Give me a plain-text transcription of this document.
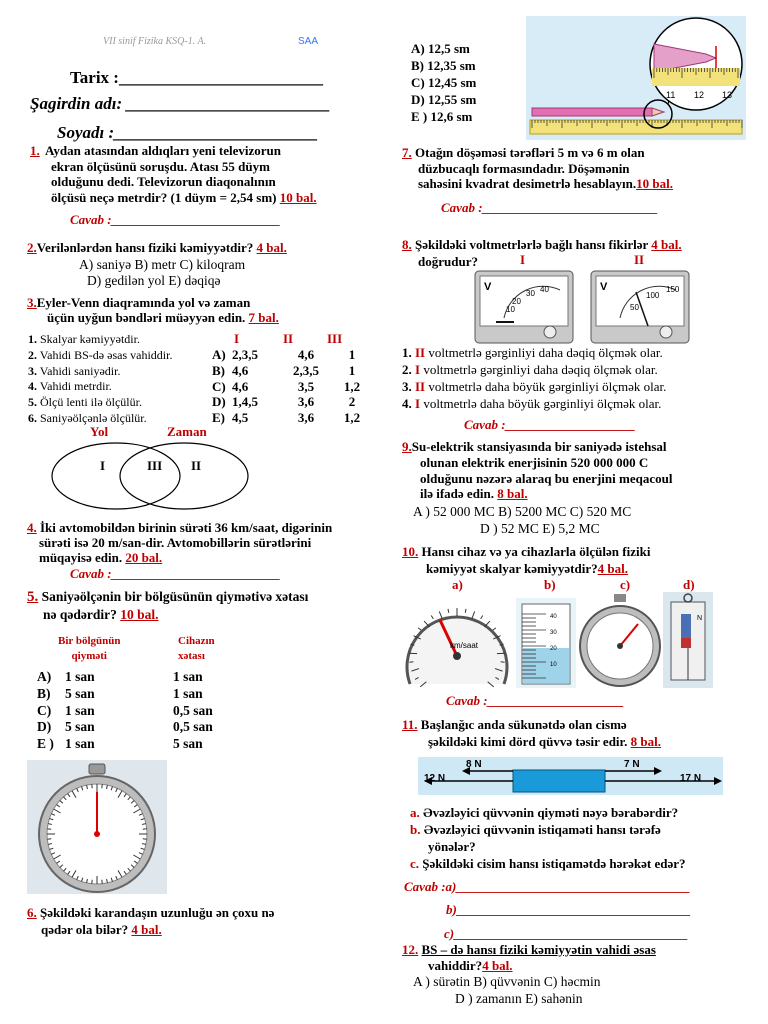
VII sinif Fizika KSQ-1. A.	SAA
Tarix :________________________
Şagirdin adı: ________________________
Soyadı :________________________
1. Aydan atasından aldıqları yeni televizorun
ekran ölçüsünü soruşdu. Atası 55 düym
olduğunu dedi. Televizorun diaqonalının
ölçüsü neçə metrdir? (1 düym = 2,54 sm) 10 bal.
Cavab :__________________________
2.Verilənlərdən hansı fiziki kəmiyyətdir? 4 bal.
A) saniyə B) metr C) kiloqram
D) gedilən yol E) dəqiqə
3.Eyler-Venn diaqramında yol və zaman
üçün uyğun bəndləri müəyyən edin. 7 bal.
1. Skalyar kəmiyyətdir.
2. Vahidi BS-də əsas vahiddir.
3. Vahidi saniyədir.
4. Vahidi metrdir.
5. Ölçü lenti ilə ölçülür.
6. Saniyəölçənlə ölçülür.
I	II	III
A) 2,3,5	4,6	1
B) 4,6	2,3,5	1
C) 4,6	3,5	1,2
D) 1,4,5	3,6	2
E) 4,5	3,6	1,2
Yol	Zaman
I	III II
4. İki avtomobildən birinin sürəti 36 km/saat, digərinin
sürəti isə 20 m/san-dir. Avtomobillərin sürətlərini
müqayisə edin. 20 bal.
Cavab :__________________________
5. Saniyəölçənin bir bölgüsünün qiymətivə xətası
nə qədərdir? 10 bal.
Bir bölgünün
qiyməti
Cihazın
xətası
A)	1 san	1 san
B)	5 san	1 san
C)	1 san	0,5 san
D)	5 san	0,5 san
E ) 1 san	5 san
6. Şəkildəki karandaşın uzunluğu ən çoxu nə
qədər ola bilər? 4 bal.
A) 12,5 sm
B) 12,35 sm
C) 12,45 sm
D) 12,55 sm
E ) 12,6 sm
11 12 13
7. Otağın döşəməsi tərəfləri 5 m və 6 m olan
düzbucaqlı formasındadır. Döşəmənin
sahəsini kvadrat desimetrlə hesablayın.10 bal.
Cavab :___________________________
8. Şəkildəki voltmetrlərlə bağlı hansı fikirlər 4 bal.
doğrudur?	I	II
V
20
30 40
10
V
100
150
50
1. II voltmetrlə gərginliyi daha dəqiq ölçmək olar.
2. I voltmetrlə gərginliyi daha dəqiq ölçmək olar.
3. II voltmetrlə daha böyük gərginliyi ölçmək olar.
4. I voltmetrlə daha böyük gərginliyi ölçmək olar.
Cavab :____________________
9.Su-elektrik stansiyasında bir saniyədə istehsal
olunan elektrik enerjisinin 520 000 000 C
olduğunu nəzərə alaraq bu enerjini meqacoul
ilə ifadə edin. 8 bal.
A ) 52 000 MC B) 5200 MC C) 520 MC
D ) 52 MC E) 5,2 MC
10. Hansı cihaz və ya cihazlarla ölçülən fiziki
kəmiyyət skalyar kəmiyyətdir?4 bal.
a)	b)	c)	d)
km/saat
40
30
20
10
N
Cavab :_____________________
11. Başlanğıc anda sükunətdə olan cismə
şəkildəki kimi dörd qüvvə təsir edir. 8 bal.
12 N
8 N	7 N
17 N
a. Əvəzləyici qüvvənin qiyməti nəyə bərabərdir?
b. Əvəzləyici qüvvənin istiqaməti hansı tərəfə
yönələr?
c. Şəkildəki cisim hansı istiqamətdə hərəkət edər?
Cavab :a)____________________________________
b)____________________________________
c)____________________________________
12. BS – də hansı fiziki kəmiyyətin vahidi əsas
vahiddir?4 bal.
A ) sürətin B) qüvvənin C) həcmin
D ) zamanın E) sahənin
